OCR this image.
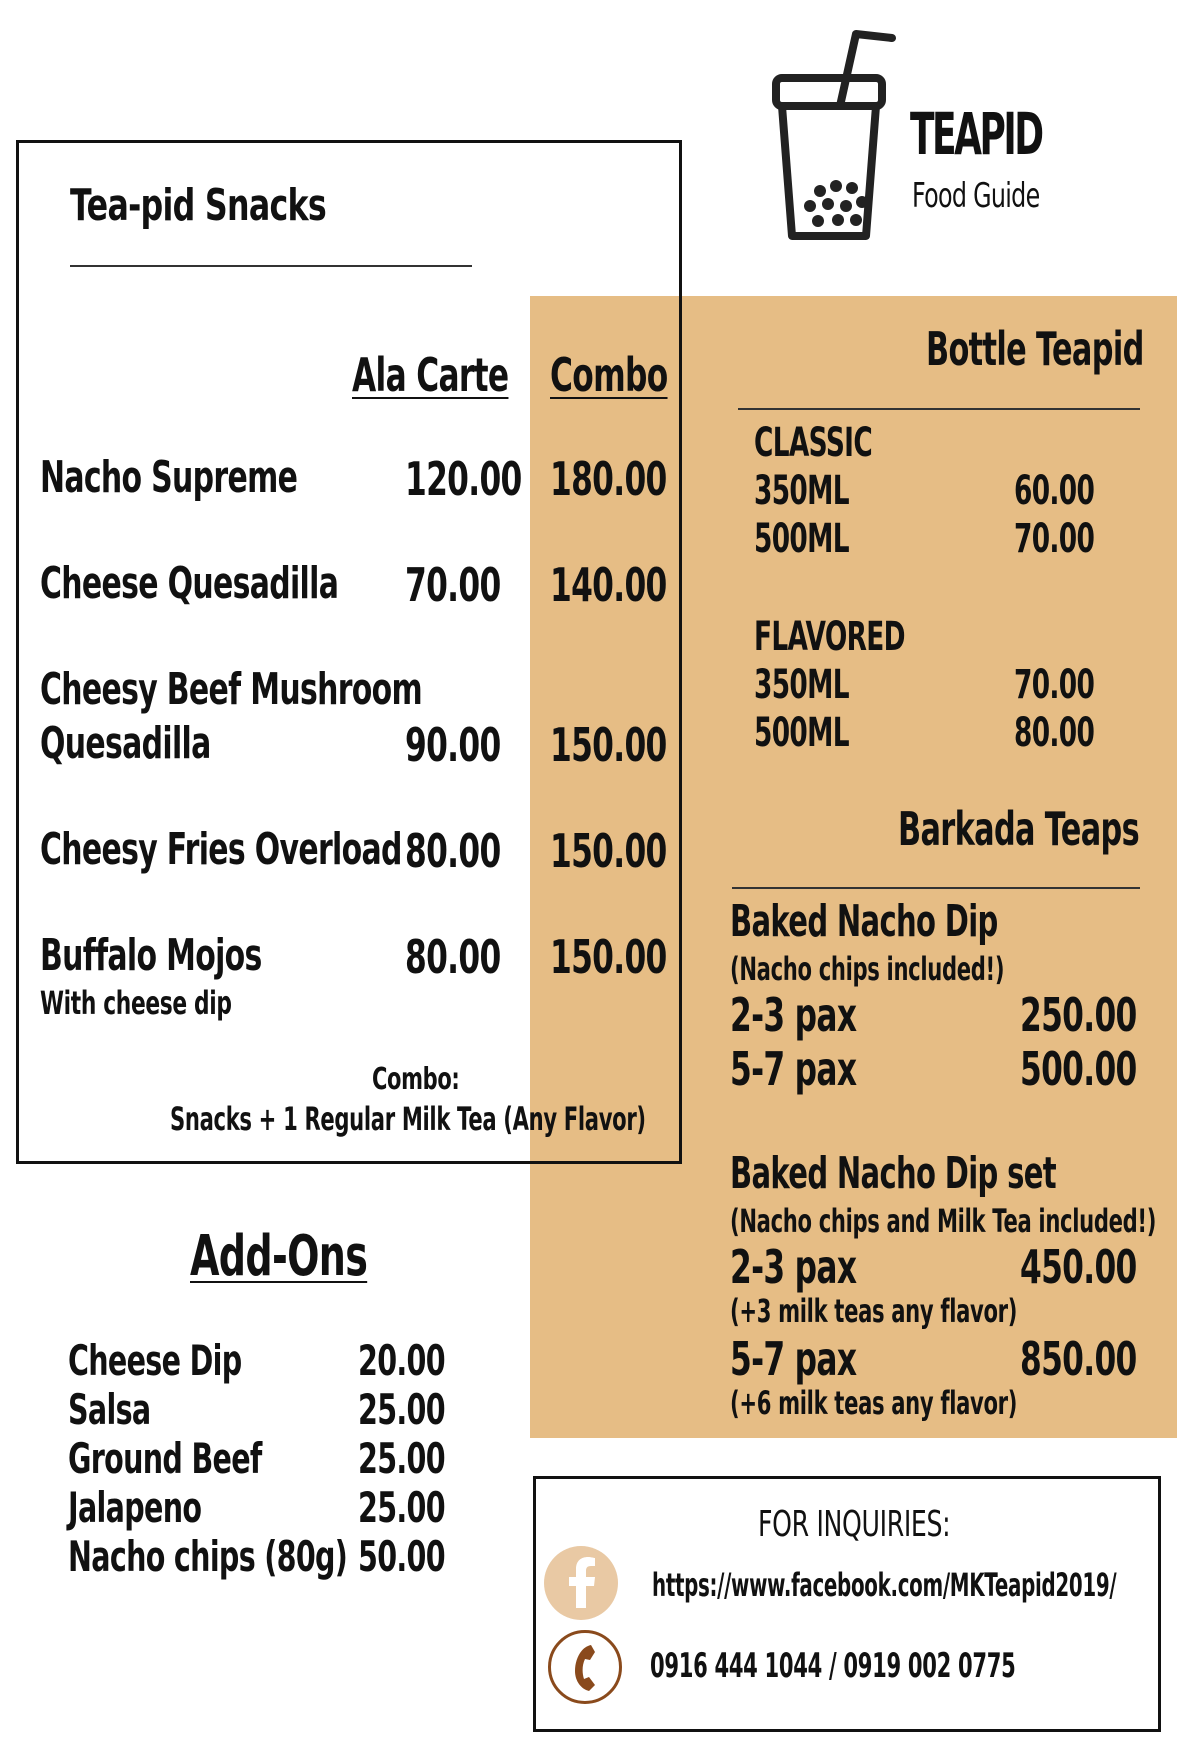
TEAPID
Food Guide
Tea-pid Snacks
Ala Carte Combo
Nacho Supreme 120.00 180.00
Cheese Quesadilla 70.00 140.00
Cheesy Beef Mushroom
Quesadilla	90.00 150.00
Cheesy Fries Overload 80.00 150.00
Buffalo Mojos
With cheese dip
80.00 150.00
Combo:
Snacks + 1 Regular Milk Tea (Any Flavor)
Bottle Teapid
CLASSIC
350ML	60.00
500ML	70.00
FLAVORED
350ML	70.00
500ML	80.00
Barkada Teaps
Baked Nacho Dip
(Nacho chips included!)
2-3 pax	250.00
5-7 pax	500.00
Baked Nacho Dip set
(Nacho chips and Milk Tea included!)
2-3 pax	450.00
(+3 milk teas any flavor)
5-7 pax	850.00
(+6 milk teas any flavor)
Add-Ons
Cheese Dip	20.00
Salsa	25.00
Ground Beef 25.00
Jalapeno	25.00
Nacho chips (80g) 50.00
FOR INQUIRIES:
https://www.facebook.com/MKTeapid2019/
0916 444 1044 / 0919 002 0775
